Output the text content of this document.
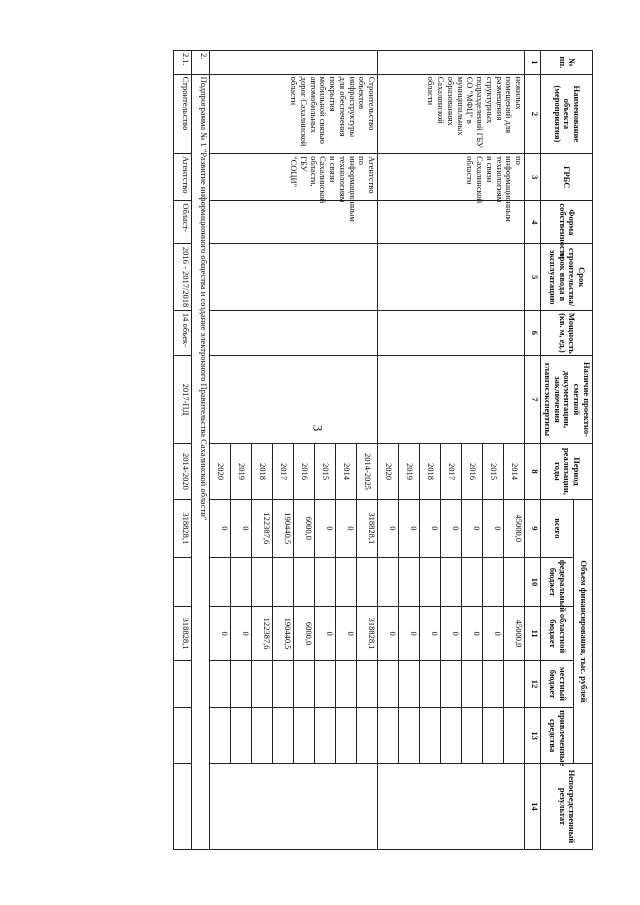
3
№ пп.	Наименование объекта (мероприятия)	ГРБС	Форма собственности	Срок строительства/срок ввода в эксплуатацию	Мощность (кв. м, ед.)	Наличие проектно-сметной документации, заключения главгосэкспертизы	Период реализации, годы	Объем финансирования, тыс. рублей					Непосредственный результат
								всего	федеральный бюджет	областной бюджет	местный бюджет	привлеченные средства	
1	2	3	4	5	6	7	8	9	10	11	12	13	14
	нежилых помещений для размещения структурных подразделений ГБУ СО "МФЦ" в муниципальных образованиях Сахалинской области	по информационным технологиям и связи Сахалинской области					2014	45000,0		45000,0			
							2015	0		0			
							2016	0		0			
							2017	0		0			
							2018	0		0			
							2019	0		0			
							2020	0		0			
	Строительство объектов инфраструктуры для обеспечения покрытия мобильной связью автомобильных дорог Сахалинской области	Агентство по информационным технологиям и связи Сахалинской области, ГБУ "СОЦИ"					2014-2025	318828,1		318828,1			
							2014	0		0			
							2015	0		0			
							2016	6000,0		6000,0			
							2017	190440,5		190440,5			
							2018	122387,6		122387,6			
							2019	0		0			
							2020	0		0			
2.	Подпрограмма № 1 "Развитие информационного общества и создание электронного Правительства Сахалинской области"												
2.1.	Строительство	Агентство	Област-	2016 - 2017/2018	14 объек-	2017-ПД	2014-2020	318828,1		318828,1			
